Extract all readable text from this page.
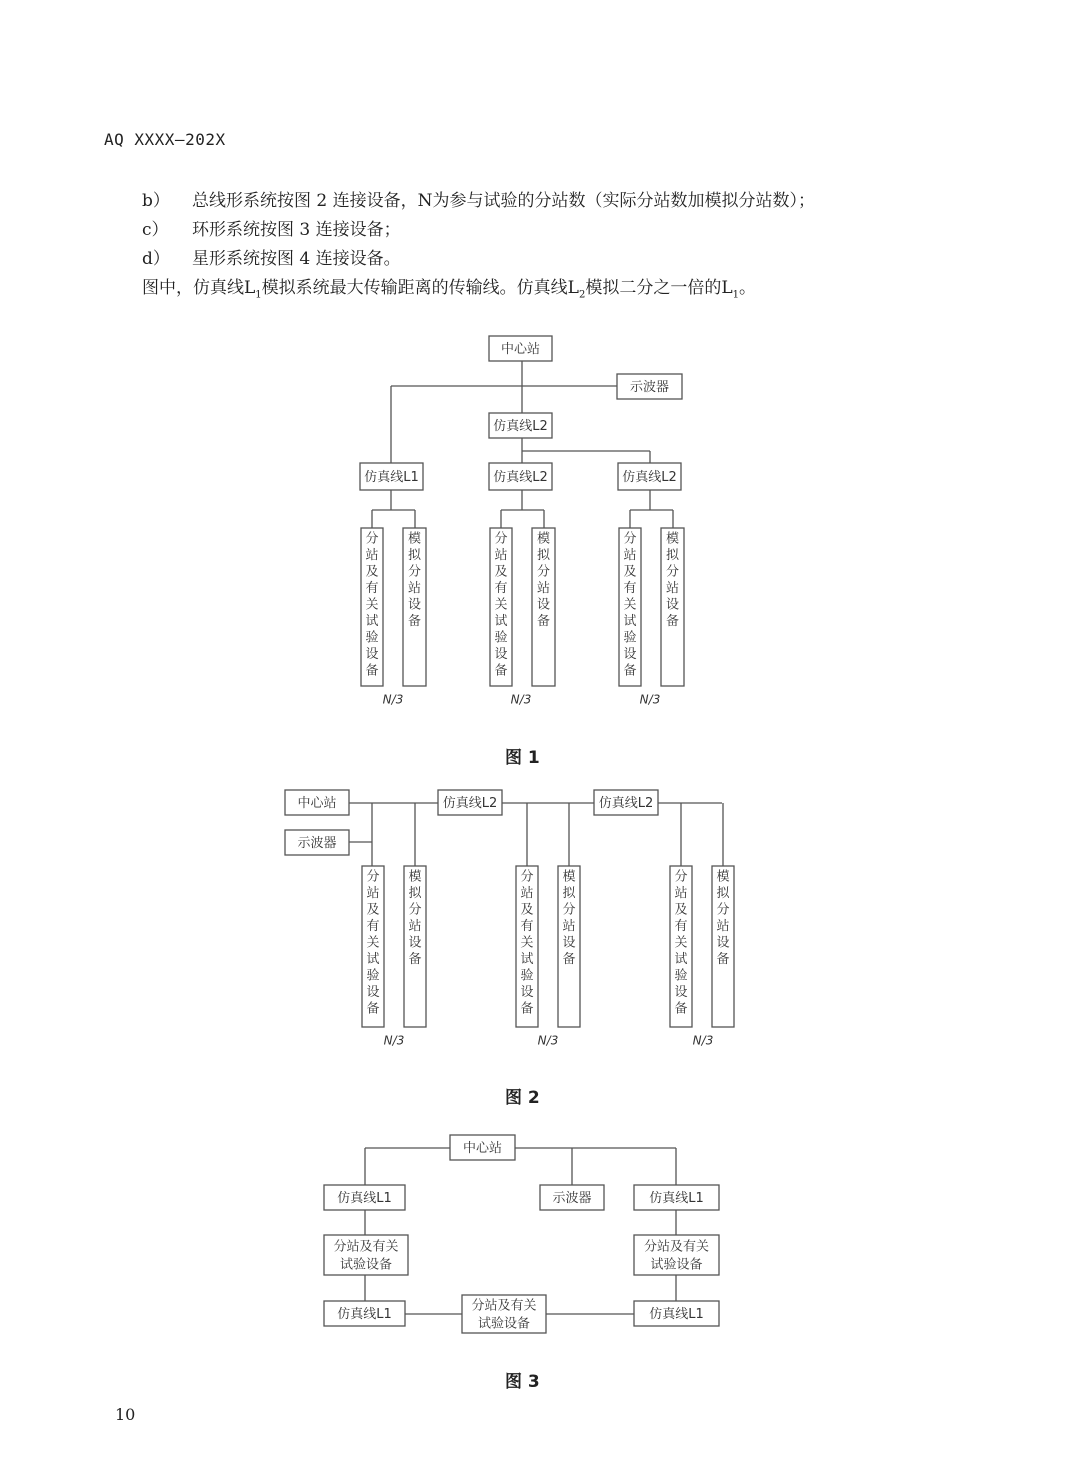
AQ XXXX—202X
b） 总线形系统按图 2 连接设备，N为参与试验的分站数（实际分站数加模拟分站数）；
c） 环形系统按图 3 连接设备；
d） 星形系统按图 4 连接设备。
图中，仿真线$L_1$模拟系统最大传输距离的传输线。仿真线$L_2$模拟二分之一倍的$L_1$。
中心站
示波器
仿真线L2
仿真线L1
分
站
及
有
关
试
验
设
备
模
拟
分
站
设
备
N/3
仿真线L2
分
站
及
有
关
试
验
设
备
模
拟
分
站
设
备
N/3
仿真线L2
分
站
及
有
关
试
验
设
备
模
拟
分
站
设
备
N/3
中心站
示波器
仿真线L2	仿真线L2
分
站
及
有
关
试
验
设
备
模
拟
分
站
设
备
N/3
分
站
及
有
关
试
验
设
备
模
拟
分
站
设
备
N/3
分
站
及
有
关
试
验
设
备
模
拟
分
站
设
备
N/3
中心站
仿真线L1	示波器	仿真线L1
分站及有关
试验设备
分站及有关
试验设备
仿真线L1
分站及有关
试验设备
仿真线L1
图 1
图 2
图 3
10
